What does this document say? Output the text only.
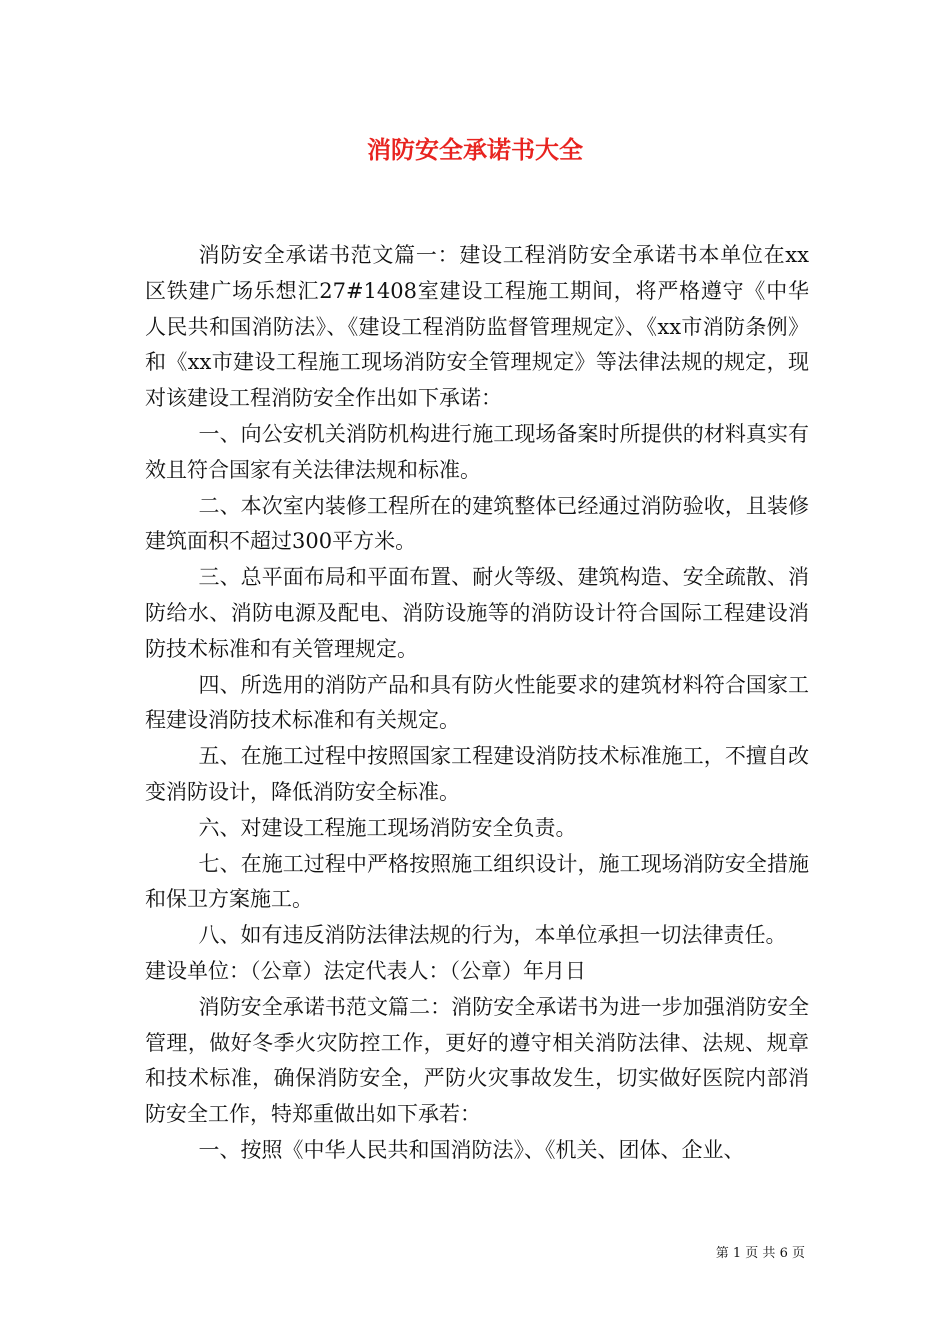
消防安全承诺书大全

消防安全承诺书范文篇一：建设工程消防安全承诺书本单位在xx区铁建广场乐想汇27#1408室建设工程施工期间，将严格遵守《中华人民共和国消防法》、《建设工程消防监督管理规定》、《xx市消防条例》和《xx市建设工程施工现场消防安全管理规定》等法律法规的规定，现对该建设工程消防安全作出如下承诺：

一、向公安机关消防机构进行施工现场备案时所提供的材料真实有效且符合国家有关法律法规和标准。

二、本次室内装修工程所在的建筑整体已经通过消防验收，且装修建筑面积不超过300平方米。

三、总平面布局和平面布置、耐火等级、建筑构造、安全疏散、消防给水、消防电源及配电、消防设施等的消防设计符合国际工程建设消防技术标准和有关管理规定。

四、所选用的消防产品和具有防火性能要求的建筑材料符合国家工程建设消防技术标准和有关规定。

五、在施工过程中按照国家工程建设消防技术标准施工，不擅自改变消防设计，降低消防安全标准。

六、对建设工程施工现场消防安全负责。

七、在施工过程中严格按照施工组织设计，施工现场消防安全措施和保卫方案施工。

八、如有违反消防法律法规的行为，本单位承担一切法律责任。

建设单位：（公章）法定代表人：（公章）年月日

消防安全承诺书范文篇二：消防安全承诺书为进一步加强消防安全管理，做好冬季火灾防控工作，更好的遵守相关消防法律、法规、规章和技术标准，确保消防安全，严防火灾事故发生，切实做好医院内部消防安全工作，特郑重做出如下承若：

一、按照《中华人民共和国消防法》、《机关、团体、企业、

第 1 页 共 6 页
